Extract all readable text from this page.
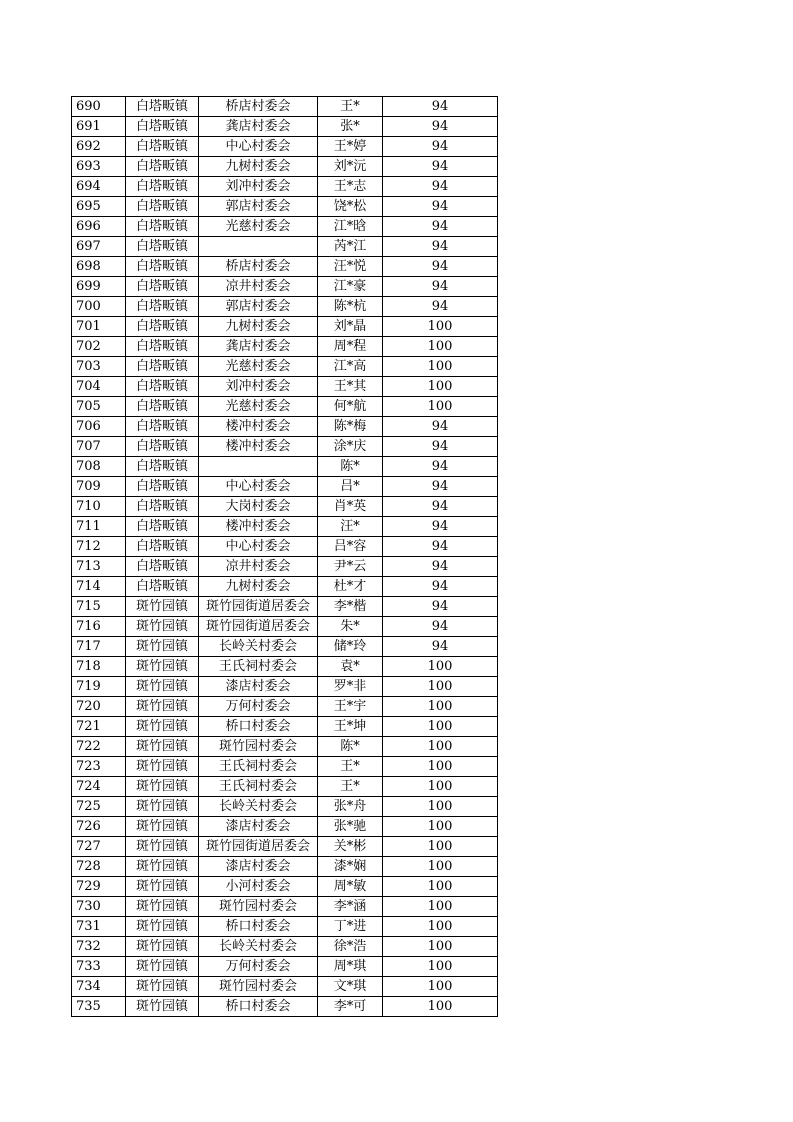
690	白塔畈镇	桥店村委会	王*	94
691	白塔畈镇	龚店村委会	张*	94
692	白塔畈镇	中心村委会	王*婷	94
693	白塔畈镇	九树村委会	刘*沅	94
694	白塔畈镇	刘冲村委会	王*志	94
695	白塔畈镇	郭店村委会	饶*松	94
696	白塔畈镇	光慈村委会	江*晗	94
697	白塔畈镇		芮*江	94
698	白塔畈镇	桥店村委会	汪*悦	94
699	白塔畈镇	凉井村委会	江*豪	94
700	白塔畈镇	郭店村委会	陈*杭	94
701	白塔畈镇	九树村委会	刘*晶	100
702	白塔畈镇	龚店村委会	周*程	100
703	白塔畈镇	光慈村委会	江*高	100
704	白塔畈镇	刘冲村委会	王*其	100
705	白塔畈镇	光慈村委会	何*航	100
706	白塔畈镇	楼冲村委会	陈*梅	94
707	白塔畈镇	楼冲村委会	涂*庆	94
708	白塔畈镇		陈*	94
709	白塔畈镇	中心村委会	吕*	94
710	白塔畈镇	大岗村委会	肖*英	94
711	白塔畈镇	楼冲村委会	汪*	94
712	白塔畈镇	中心村委会	吕*容	94
713	白塔畈镇	凉井村委会	尹*云	94
714	白塔畈镇	九树村委会	杜*才	94
715	斑竹园镇	斑竹园街道居委会	李*楷	94
716	斑竹园镇	斑竹园街道居委会	朱*	94
717	斑竹园镇	长岭关村委会	储*玲	94
718	斑竹园镇	王氏祠村委会	袁*	100
719	斑竹园镇	漆店村委会	罗*非	100
720	斑竹园镇	万何村委会	王*宇	100
721	斑竹园镇	桥口村委会	王*坤	100
722	斑竹园镇	斑竹园村委会	陈*	100
723	斑竹园镇	王氏祠村委会	王*	100
724	斑竹园镇	王氏祠村委会	王*	100
725	斑竹园镇	长岭关村委会	张*舟	100
726	斑竹园镇	漆店村委会	张*驰	100
727	斑竹园镇	斑竹园街道居委会	关*彬	100
728	斑竹园镇	漆店村委会	漆*娴	100
729	斑竹园镇	小河村委会	周*敏	100
730	斑竹园镇	斑竹园村委会	李*涵	100
731	斑竹园镇	桥口村委会	丁*进	100
732	斑竹园镇	长岭关村委会	徐*浩	100
733	斑竹园镇	万何村委会	周*琪	100
734	斑竹园镇	斑竹园村委会	文*琪	100
735	斑竹园镇	桥口村委会	李*可	100
